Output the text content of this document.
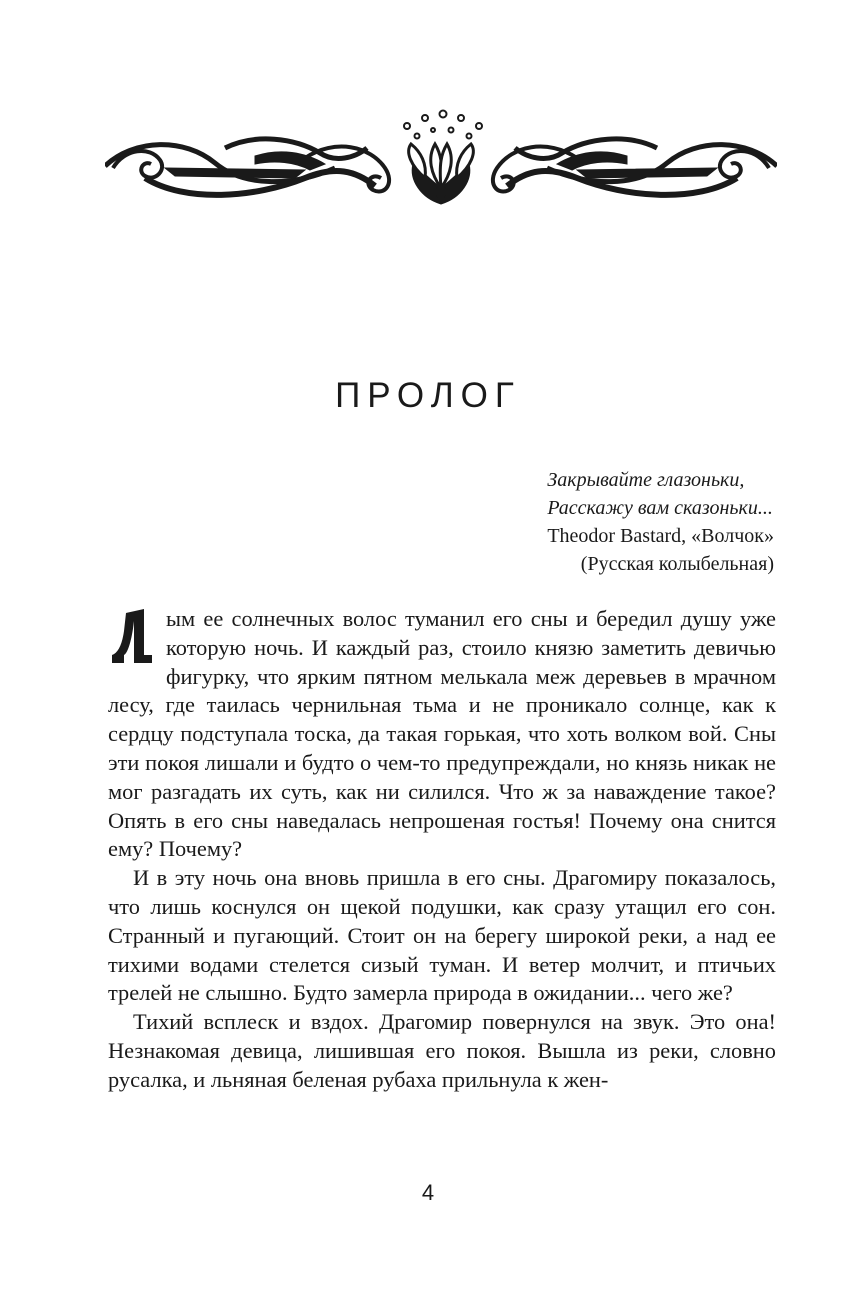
ПРОЛОГ
Закрывайте глазоньки,
Расскажу вам сказоньки...
Theodor Bastard, «Волчок»
(Русская колыбельная)

ым ее солнечных волос туманил его сны и бередил душу уже которую ночь. И каждый раз, стоило князю заметить девичью фигурку, что ярким пятном мелькала меж деревьев в мрачном лесу, где таилась чернильная тьма и не проникало солнце, как к сердцу подступала тоска, да такая горькая, что хоть волком вой. Сны эти покоя лишали и будто о чем-то предупреждали, но князь никак не мог разгадать их суть, как ни силился. Что ж за наваждение такое? Опять в его сны наведалась непрошеная гостья! Почему она снится ему? Почему?

И в эту ночь она вновь пришла в его сны. Драгомиру показалось, что лишь коснулся он щекой подушки, как сразу утащил его сон. Странный и пугающий. Стоит он на берегу широкой реки, а над ее тихими водами стелется сизый туман. И ветер молчит, и птичьих трелей не слышно. Будто замерла природа в ожидании... чего же?

Тихий всплеск и вздох. Драгомир повернулся на звук. Это она! Незнакомая девица, лишившая его покоя. Вышла из реки, словно русалка, и льняная беленая рубаха прильнула к жен-

4
